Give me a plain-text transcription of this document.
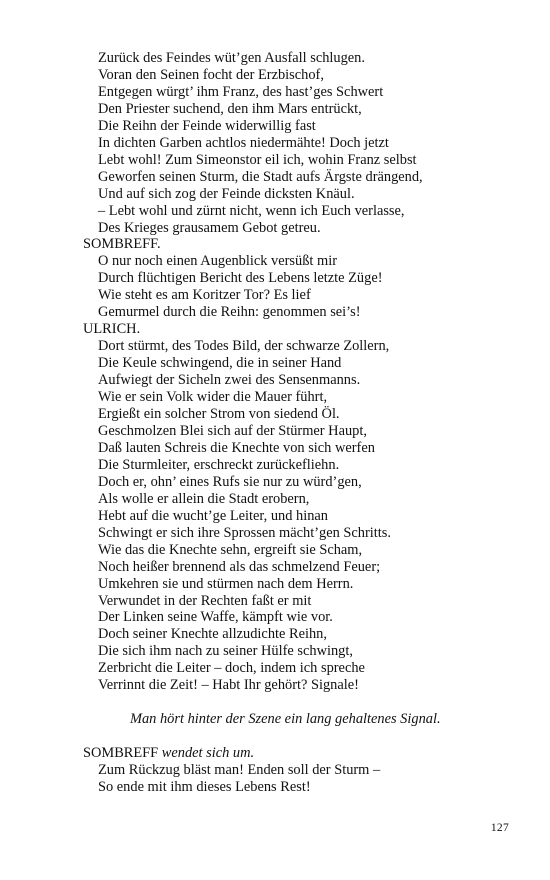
Zurück des Feindes wüt’gen Ausfall schlugen.
Voran den Seinen focht der Erzbischof,
Entgegen würgt’ ihm Franz, des hast’ges Schwert
Den Priester suchend, den ihm Mars entrückt,
Die Reihn der Feinde widerwillig fast
In dichten Garben achtlos niedermähte! Doch jetzt
Lebt wohl! Zum Simeonstor eil ich, wohin Franz selbst
Geworfen seinen Sturm, die Stadt aufs Ärgste drängend,
Und auf sich zog der Feinde dicksten Knäul.
– Lebt wohl und zürnt nicht, wenn ich Euch verlasse,
Des Krieges grausamem Gebot getreu.
SOMBREFF.
O nur noch einen Augenblick versüßt mir
Durch flüchtigen Bericht des Lebens letzte Züge!
Wie steht es am Koritzer Tor? Es lief
Gemurmel durch die Reihn: genommen sei’s!
ULRICH.
Dort stürmt, des Todes Bild, der schwarze Zollern,
Die Keule schwingend, die in seiner Hand
Aufwiegt der Sicheln zwei des Sensenmanns.
Wie er sein Volk wider die Mauer führt,
Ergießt ein solcher Strom von siedend Öl.
Geschmolzen Blei sich auf der Stürmer Haupt,
Daß lauten Schreis die Knechte von sich werfen
Die Sturmleiter, erschreckt zurückefliehn.
Doch er, ohn’ eines Rufs sie nur zu würd’gen,
Als wolle er allein die Stadt erobern,
Hebt auf die wucht’ge Leiter, und hinan
Schwingt er sich ihre Sprossen mächt’gen Schritts.
Wie das die Knechte sehn, ergreift sie Scham,
Noch heißer brennend als das schmelzend Feuer;
Umkehren sie und stürmen nach dem Herrn.
Verwundet in der Rechten faßt er mit
Der Linken seine Waffe, kämpft wie vor.
Doch seiner Knechte allzudichte Reihn,
Die sich ihm nach zu seiner Hülfe schwingt,
Zerbricht die Leiter – doch, indem ich spreche
Verrinnt die Zeit! – Habt Ihr gehört? Signale!
Man hört hinter der Szene ein lang gehaltenes Signal.
SOMBREFF wendet sich um.
Zum Rückzug bläst man! Enden soll der Sturm –
So ende mit ihm dieses Lebens Rest!
127
